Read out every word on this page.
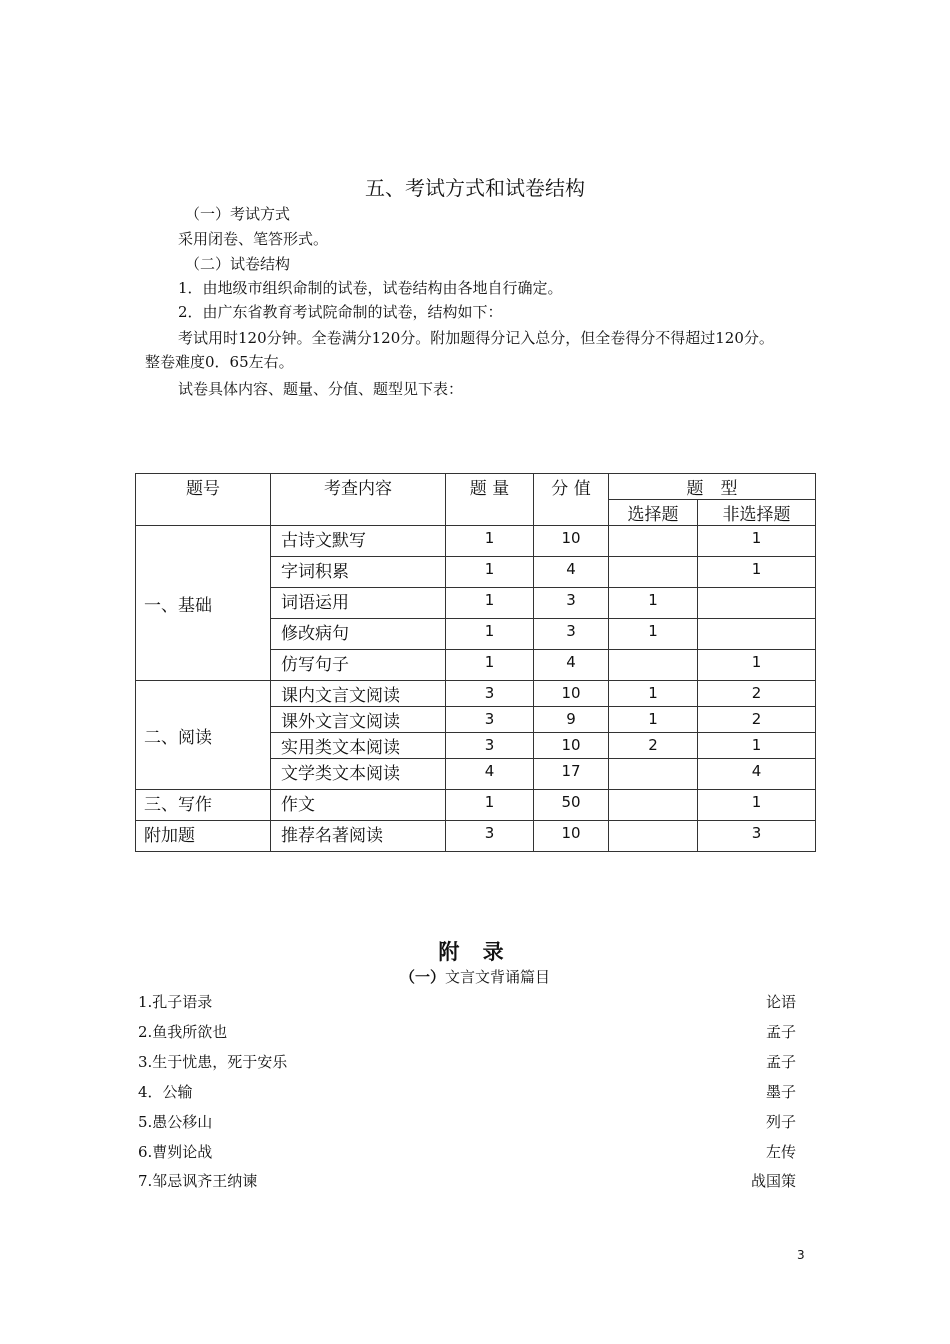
五、考试方式和试卷结构
（一）考试方式
采用闭卷、笔答形式。
（二）试卷结构
1．由地级市组织命制的试卷，试卷结构由各地自行确定。
2．由广东省教育考试院命制的试卷，结构如下：
考试用时120分钟。全卷满分120分。附加题得分记入总分，但全卷得分不得超过120分。
整卷难度0．65左右。
试卷具体内容、题量、分值、题型见下表：
题号	考查内容	题 量	分 值	题　型	
				选择题	非选择题
一、基础	古诗文默写	1	10		1
	字词积累	1	4		1
	词语运用	1	3	1	
	修改病句	1	3	1	
	仿写句子	1	4		1
二、阅读	课内文言文阅读	3	10	1	2
	课外文言文阅读	3	9	1	2
	实用类文本阅读	3	10	2	1
	文学类文本阅读	4	17		4
三、写作	作文	1	50		1
附加题	推荐名著阅读	3	10		3
附 录
（一）文言文背诵篇目
1.孔子语录	论语
2.鱼我所欲也	孟子
3.生于忧患，死于安乐	孟子
4．公输	墨子
5.愚公移山	列子
6.曹刿论战	左传
7.邹忌讽齐王纳谏	战国策
3
